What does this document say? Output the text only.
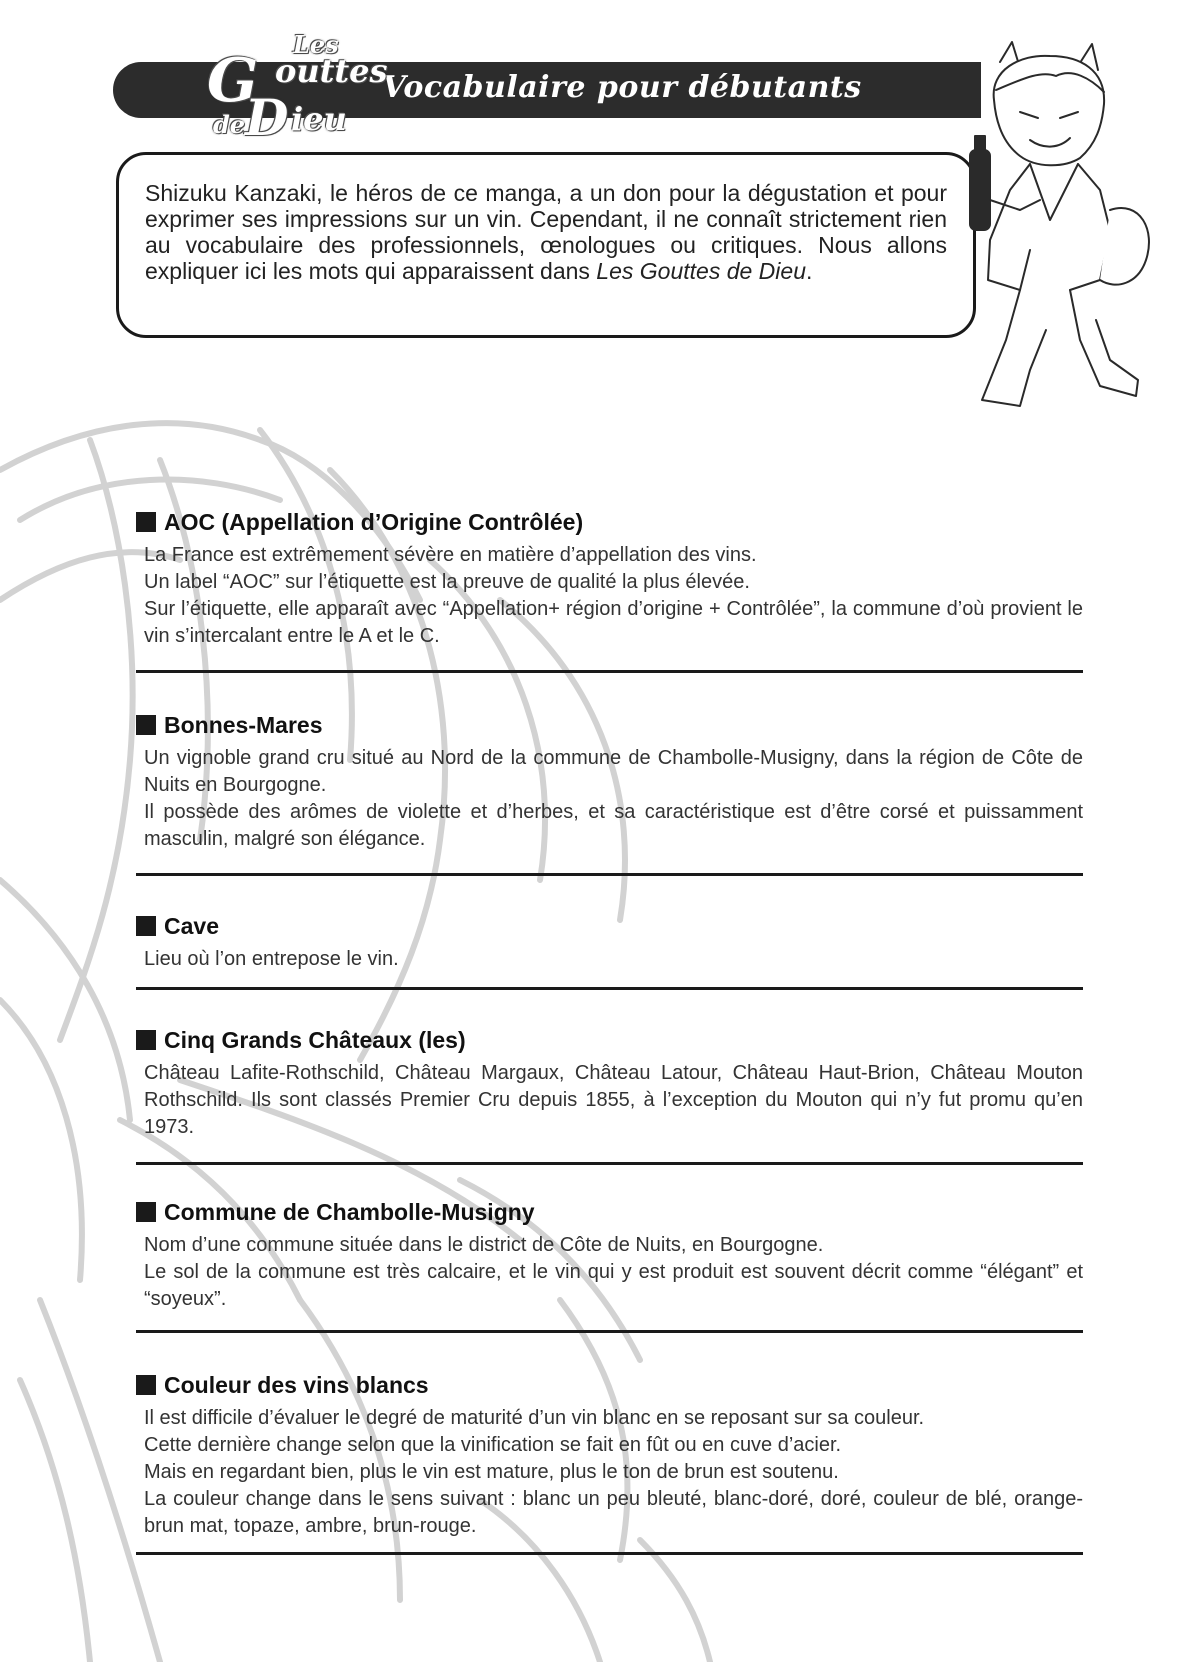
Vocabulaire pour débutants
G
Les
outtes
D
de ieu
Shizuku Kanzaki, le héros de ce manga, a un don pour la dégustation et pour exprimer ses impressions sur un vin. Cependant, il ne connaît strictement rien au vocabulaire des professionnels, œnologues ou critiques. Nous allons expliquer ici les mots qui apparaissent dans Les Gouttes de Dieu.
AOC (Appellation d’Origine Contrôlée)

La France est extrêmement sévère en matière d’appellation des vins.
Un label “AOC” sur l’étiquette est la preuve de qualité la plus élevée.
Sur l’étiquette, elle apparaît avec “Appellation+ région d’origine + Contrôlée”, la commune d’où provient le vin s’intercalant entre le A et le C.

Bonnes-Mares

Un vignoble grand cru situé au Nord de la commune de Chambolle-Musigny, dans la région de Côte de Nuits en Bourgogne.
Il possède des arômes de violette et d’herbes, et sa caractéristique est d’être corsé et puissamment masculin, malgré son élégance.

Cave

Lieu où l’on entrepose le vin.

Cinq Grands Châteaux (les)

Château Lafite-Rothschild, Château Margaux, Château Latour, Château Haut-Brion, Château Mouton Rothschild. Ils sont classés Premier Cru depuis 1855, à l’exception du Mouton qui n’y fut promu qu’en 1973.

Commune de Chambolle-Musigny

Nom d’une commune située dans le district de Côte de Nuits, en Bourgogne.
Le sol de la commune est très calcaire, et le vin qui y est produit est souvent décrit comme “élégant” et “soyeux”.

Couleur des vins blancs

Il est difficile d’évaluer le degré de maturité d’un vin blanc en se reposant sur sa couleur.
Cette dernière change selon que la vinification se fait en fût ou en cuve d’acier.
Mais en regardant bien, plus le vin est mature, plus le ton de brun est soutenu.
La couleur change dans le sens suivant : blanc un peu bleuté, blanc-doré, doré, couleur de blé, orange-brun mat, topaze, ambre, brun-rouge.
